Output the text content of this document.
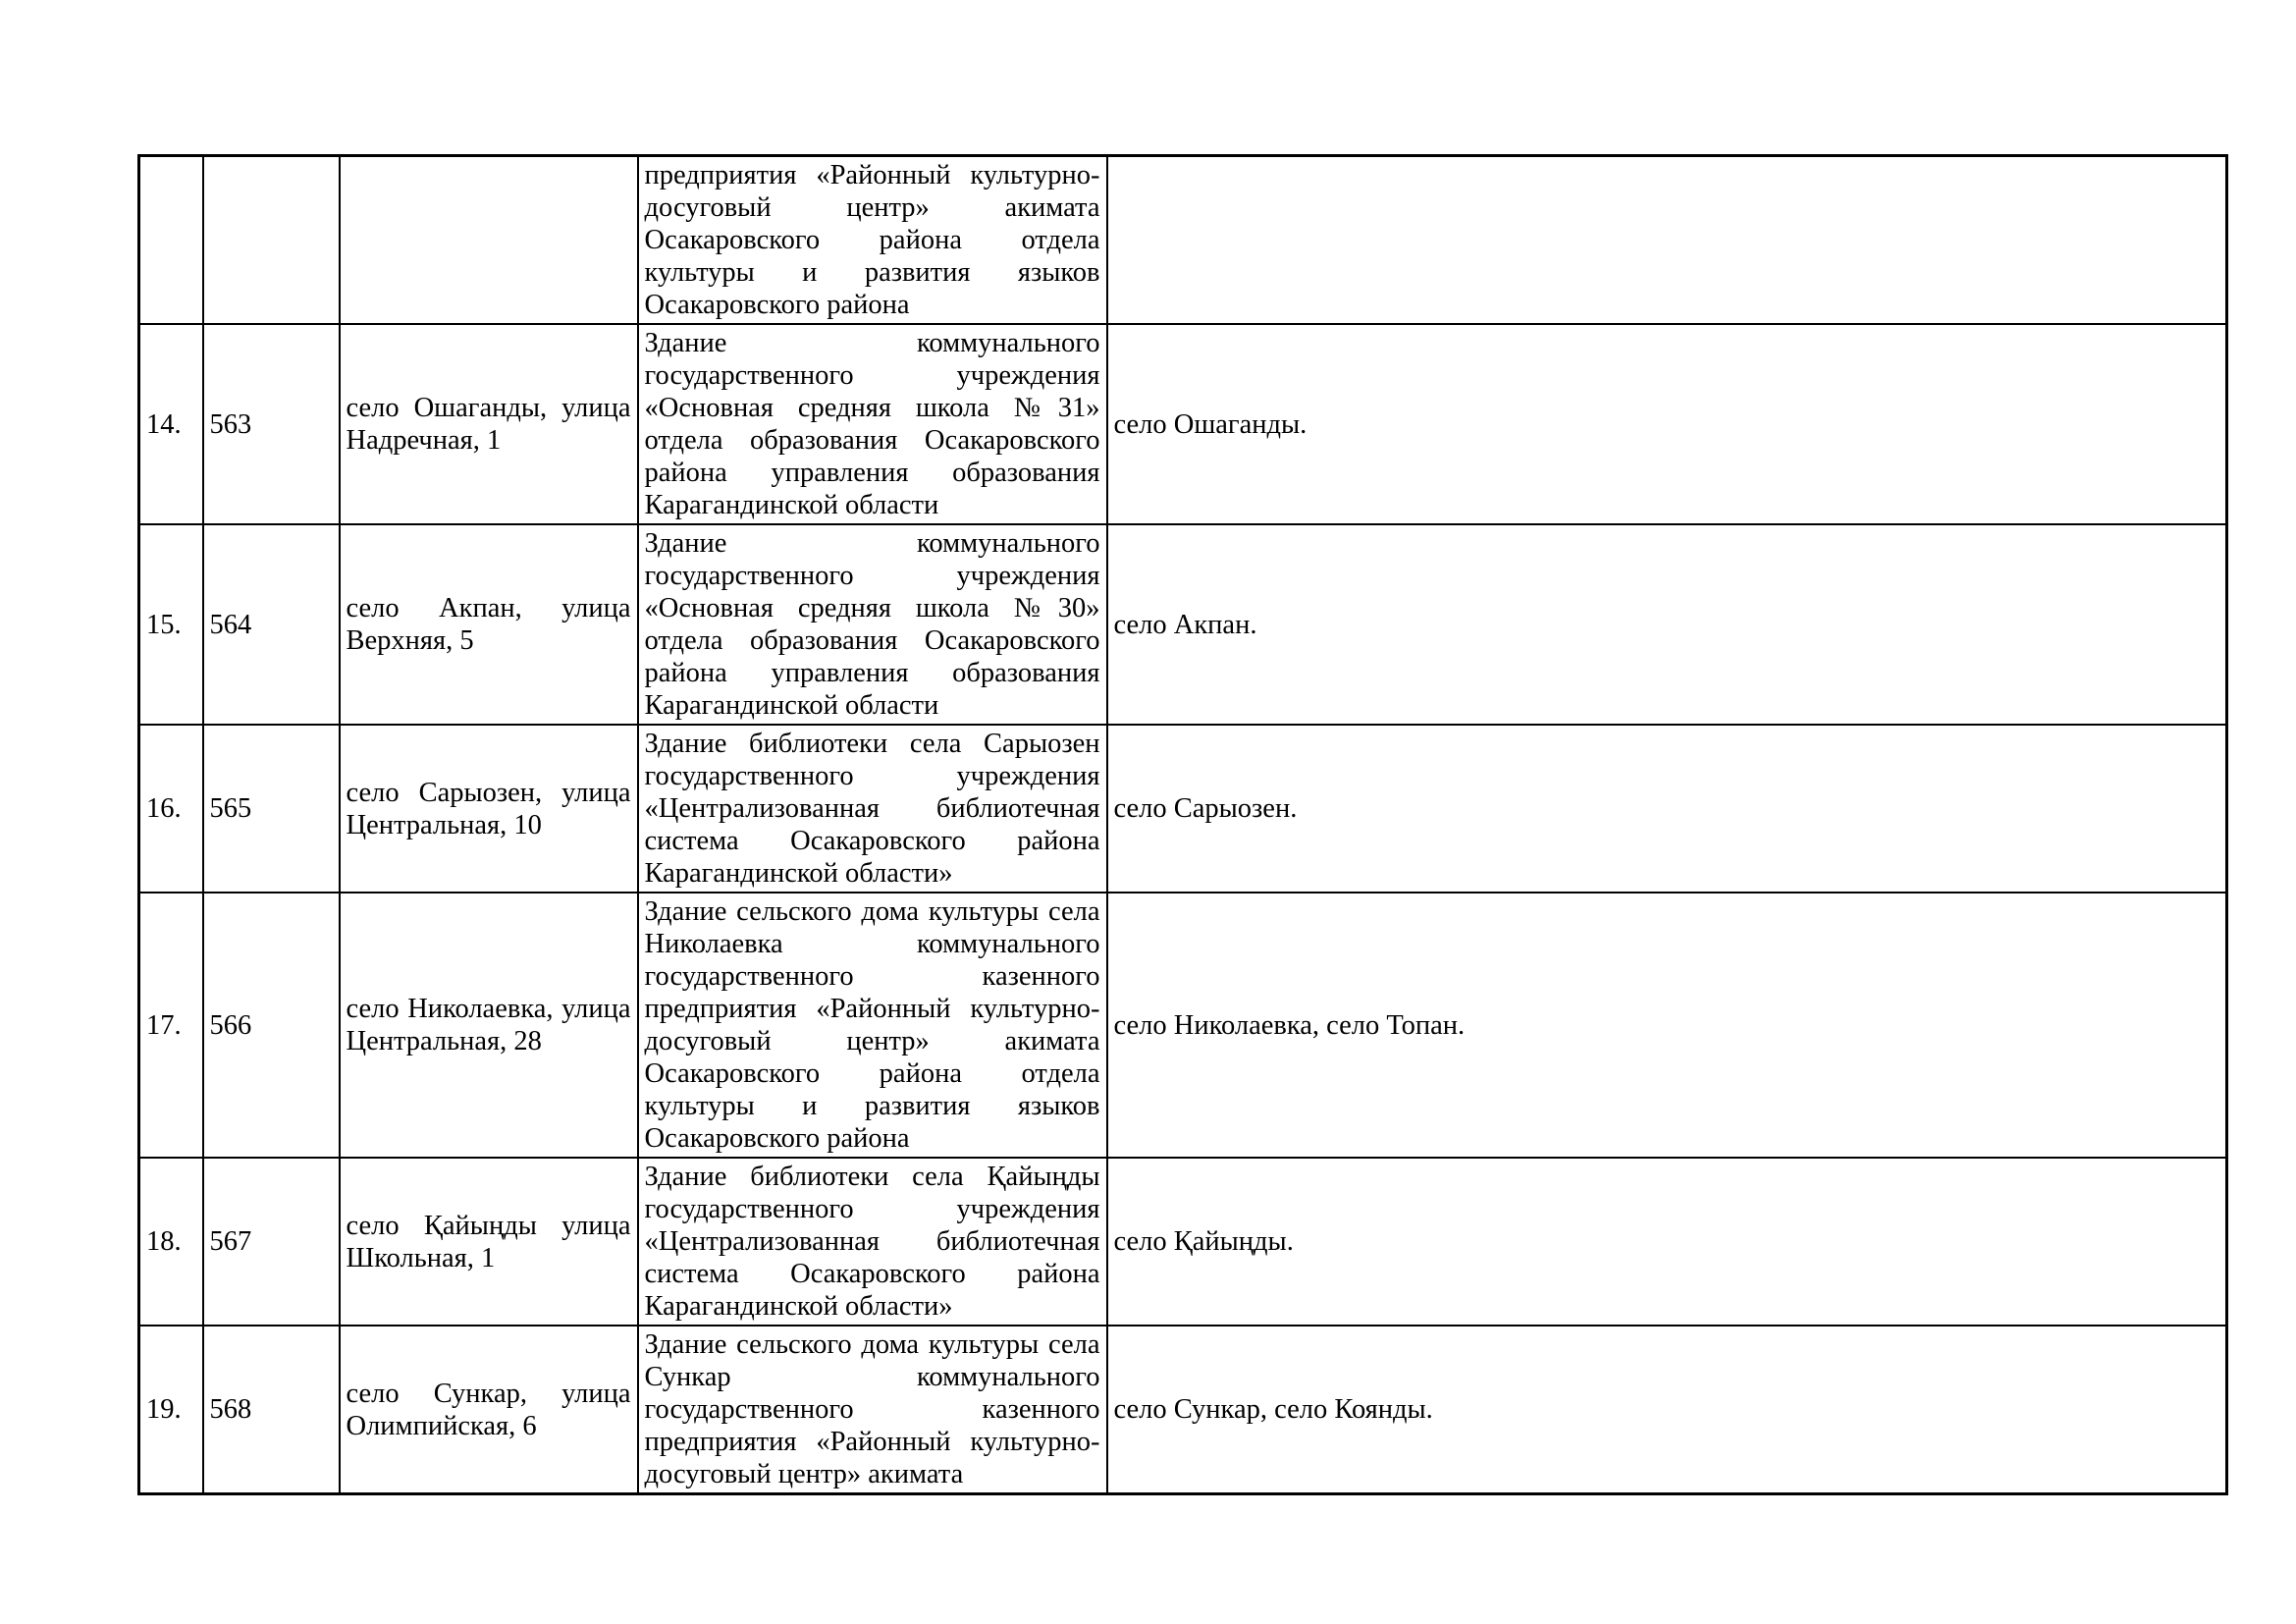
			предприятия «Районный культурно-досуговый центр» акимата Осакаровского района отдела культуры и развития языков Осакаровского района	
14.	563	село Ошаганды, улица Надречная, 1	Здание коммунального государственного учреждения «Основная средняя школа №31» отдела образования Осакаровского района управления образования Карагандинской области	село Ошаганды.
15.	564	село Акпан, улица Верхняя, 5	Здание коммунального государственного учреждения «Основная средняя школа №30» отдела образования Осакаровского района управления образования Карагандинской области	село Акпан.
16.	565	село Сарыозен, улица Центральная, 10	Здание библиотеки села Сарыозен государственного учреждения «Централизованная библиотечная система Осакаровского района Карагандинской области»	село Сарыозен.
17.	566	село Николаевка, улица Центральная, 28	Здание сельского дома культуры села Николаевка коммунального государственного казенного предприятия «Районный культурно-досуговый центр» акимата Осакаровского района отдела культуры и развития языков Осакаровского района	село Николаевка, село Топан.
18.	567	село Қайыңды улица Школьная, 1	Здание библиотеки села Қайыңды государственного учреждения «Централизованная библиотечная система Осакаровского района Карагандинской области»	село Қайыңды.
19.	568	село Сункар, улица Олимпийская, 6	Здание сельского дома культуры села Сункар коммунального государственного казенного предприятия «Районный культурно-досуговый центр» акимата	село Сункар, село Коянды.
